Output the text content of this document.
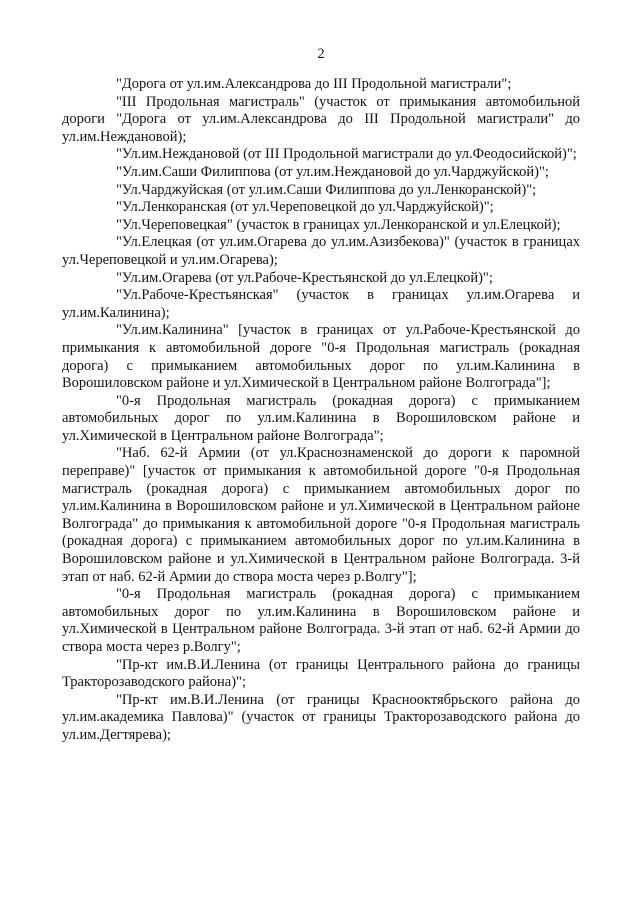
2

"Дорога от ул.им.Александрова до III Продольной магистрали";

"III Продольная магистраль" (участок от примыкания автомобильной дороги "Дорога от ул.им.Александрова до III Продольной магистрали" до ул.им.Неждановой);

"Ул.им.Неждановой (от III Продольной магистрали до ул.Феодосийской)";

"Ул.им.Саши Филиппова (от ул.им.Неждановой до ул.Чарджуйской)";

"Ул.Чарджуйская (от ул.им.Саши Филиппова до ул.Ленкоранской)";

"Ул.Ленкоранская (от ул.Череповецкой до ул.Чарджуйской)";

"Ул.Череповецкая" (участок в границах ул.Ленкоранской и ул.Елецкой);

"Ул.Елецкая (от ул.им.Огарева до ул.им.Азизбекова)" (участок в границах ул.Череповецкой и ул.им.Огарева);

"Ул.им.Огарева (от ул.Рабоче-Крестьянской до ул.Елецкой)";

"Ул.Рабоче-Крестьянская" (участок в границах ул.им.Огарева и ул.им.Калинина);

"Ул.им.Калинина" [участок в границах от ул.Рабоче-Крестьянской до примыкания к автомобильной дороге "0-я Продольная магистраль (рокадная дорога) с примыканием автомобильных дорог по ул.им.Калинина в Ворошиловском районе и ул.Химической в Центральном районе Волгограда"];

"0-я Продольная магистраль (рокадная дорога) с примыканием автомобильных дорог по ул.им.Калинина в Ворошиловском районе и ул.Химической в Центральном районе Волгограда";

"Наб. 62-й Армии (от ул.Краснознаменской до дороги к паромной переправе)" [участок от примыкания к автомобильной дороге "0-я Продольная магистраль (рокадная дорога) с примыканием автомобильных дорог по ул.им.Калинина в Ворошиловском районе и ул.Химической в Центральном районе Волгограда" до примыкания к автомобильной дороге "0-я Продольная магистраль (рокадная дорога) с примыканием автомобильных дорог по ул.им.Калинина в Ворошиловском районе и ул.Химической в Центральном районе Волгограда. 3-й этап от наб. 62-й Армии до створа моста через р.Волгу"];

"0-я Продольная магистраль (рокадная дорога) с примыканием автомобильных дорог по ул.им.Калинина в Ворошиловском районе и ул.Химической в Центральном районе Волгограда. 3-й этап от наб. 62-й Армии до створа моста через р.Волгу";

"Пр-кт им.В.И.Ленина (от границы Центрального района до границы Тракторозаводского района)";

"Пр-кт им.В.И.Ленина (от границы Краснооктябрьского района до ул.им.академика Павлова)" (участок от границы Тракторозаводского района до ул.им.Дегтярева);
